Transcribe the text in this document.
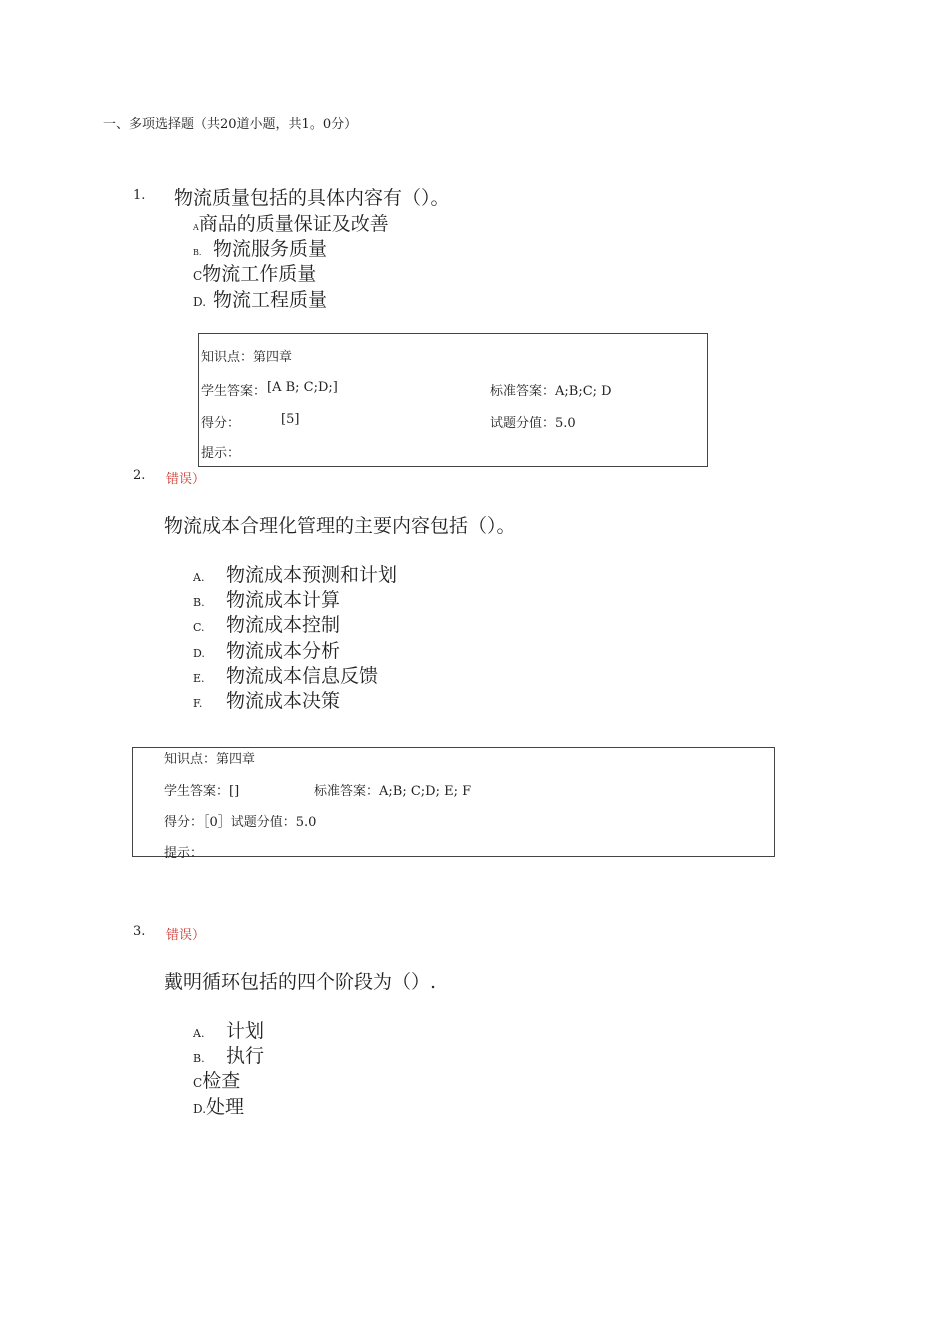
一、多项选择题（共20道小题，共1。0分）
1. 物流质量包括的具体内容有（）。
A商品的质量保证及改善
B. 物流服务质量
C物流工作质量
D. 物流工程质量
知识点：第四章
学生答案： [A B; C;D;]	标准答案：A;B;C; D
得分：	[5]	试题分值：5.0
提示：
2. 错误）
物流成本合理化管理的主要内容包括（）。
A. 物流成本预测和计划
B. 物流成本计算
C. 物流成本控制
D. 物流成本分析
E. 物流成本信息反馈
F. 物流成本决策
知识点：第四章
学生答案：[]	标准答案：A;B; C;D; E; F
得分：［0］试题分值：5.0
提示：
3. 错误）
戴明循环包括的四个阶段为（）.
A. 计划
B. 执行
C检查
D.处理
